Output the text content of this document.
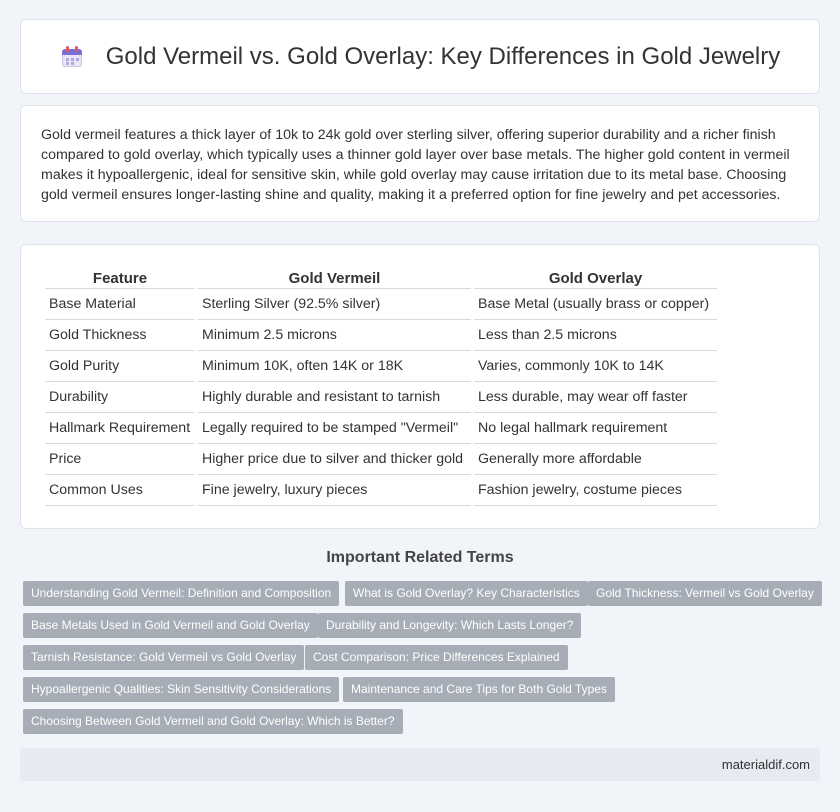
Gold Vermeil vs. Gold Overlay: Key Differences in Gold Jewelry

Gold vermeil features a thick layer of 10k to 24k gold over sterling silver, offering superior durability and a richer finish compared to gold overlay, which typically uses a thinner gold layer over base metals. The higher gold content in vermeil makes it hypoallergenic, ideal for sensitive skin, while gold overlay may cause irritation due to its metal base. Choosing gold vermeil ensures longer-lasting shine and quality, making it a preferred option for fine jewelry and pet accessories.

Feature	Gold Vermeil	Gold Overlay
Base Material	Sterling Silver (92.5% silver)	Base Metal (usually brass or copper)
Gold Thickness	Minimum 2.5 microns	Less than 2.5 microns
Gold Purity	Minimum 10K, often 14K or 18K	Varies, commonly 10K to 14K
Durability	Highly durable and resistant to tarnish	Less durable, may wear off faster
Hallmark Requirement	Legally required to be stamped "Vermeil"	No legal hallmark requirement
Price	Higher price due to silver and thicker gold	Generally more affordable
Common Uses	Fine jewelry, luxury pieces	Fashion jewelry, costume pieces
Important Related Terms
Understanding Gold Vermeil: Definition and Composition	What is Gold Overlay? Key Characteristics	Gold Thickness: Vermeil vs Gold Overlay
Base Metals Used in Gold Vermeil and Gold Overlay	Durability and Longevity: Which Lasts Longer?
Tarnish Resistance: Gold Vermeil vs Gold Overlay	Cost Comparison: Price Differences Explained
Hypoallergenic Qualities: Skin Sensitivity Considerations	Maintenance and Care Tips for Both Gold Types
Choosing Between Gold Vermeil and Gold Overlay: Which is Better?
materialdif.com
